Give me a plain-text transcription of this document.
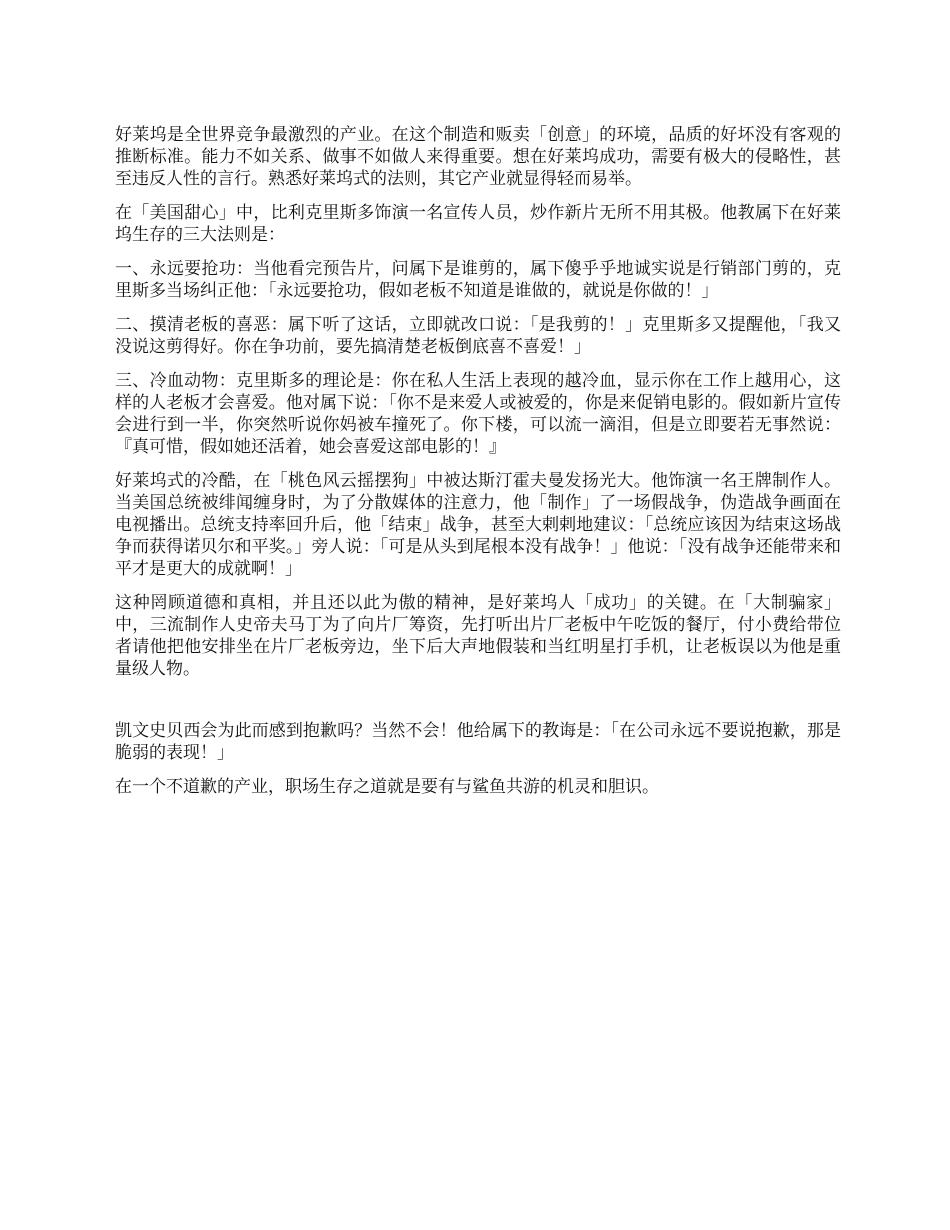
好莱坞是全世界竞争最激烈的产业。在这个制造和贩卖「创意」的环境，品质的好坏没有客观的推断标准。能力不如关系、做事不如做人来得重要。想在好莱坞成功，需要有极大的侵略性，甚至违反人性的言行。熟悉好莱坞式的法则，其它产业就显得轻而易举。

在「美国甜心」中，比利克里斯多饰演一名宣传人员，炒作新片无所不用其极。他教属下在好莱坞生存的三大法则是：

一、永远要抢功：当他看完预告片，问属下是谁剪的，属下傻乎乎地诚实说是行销部门剪的，克里斯多当场纠正他：「永远要抢功，假如老板不知道是谁做的，就说是你做的！」

二、摸清老板的喜恶：属下听了这话，立即就改口说：「是我剪的！」克里斯多又提醒他，「我又没说这剪得好。你在争功前，要先搞清楚老板倒底喜不喜爱！」

三、冷血动物：克里斯多的理论是：你在私人生活上表现的越冷血，显示你在工作上越用心，这样的人老板才会喜爱。他对属下说：「你不是来爱人或被爱的，你是来促销电影的。假如新片宣传会进行到一半，你突然听说你妈被车撞死了。你下楼，可以流一滴泪，但是立即要若无事然说：『真可惜，假如她还活着，她会喜爱这部电影的！』

好莱坞式的冷酷，在「桃色风云摇摆狗」中被达斯汀霍夫曼发扬光大。他饰演一名王牌制作人。当美国总统被绯闻缠身时，为了分散媒体的注意力，他「制作」了一场假战争，伪造战争画面在电视播出。总统支持率回升后，他「结束」战争，甚至大剌剌地建议：「总统应该因为结束这场战争而获得诺贝尔和平奖。」旁人说：「可是从头到尾根本没有战争！」他说：「没有战争还能带来和平才是更大的成就啊！」

这种罔顾道德和真相，并且还以此为傲的精神，是好莱坞人「成功」的关键。在「大制骗家」中，三流制作人史帝夫马丁为了向片厂筹资，先打听出片厂老板中午吃饭的餐厅，付小费给带位者请他把他安排坐在片厂老板旁边，坐下后大声地假装和当红明星打手机，让老板误以为他是重量级人物。

凯文史贝西会为此而感到抱歉吗？当然不会！他给属下的教诲是：「在公司永远不要说抱歉，那是脆弱的表现！」

在一个不道歉的产业，职场生存之道就是要有与鲨鱼共游的机灵和胆识。
